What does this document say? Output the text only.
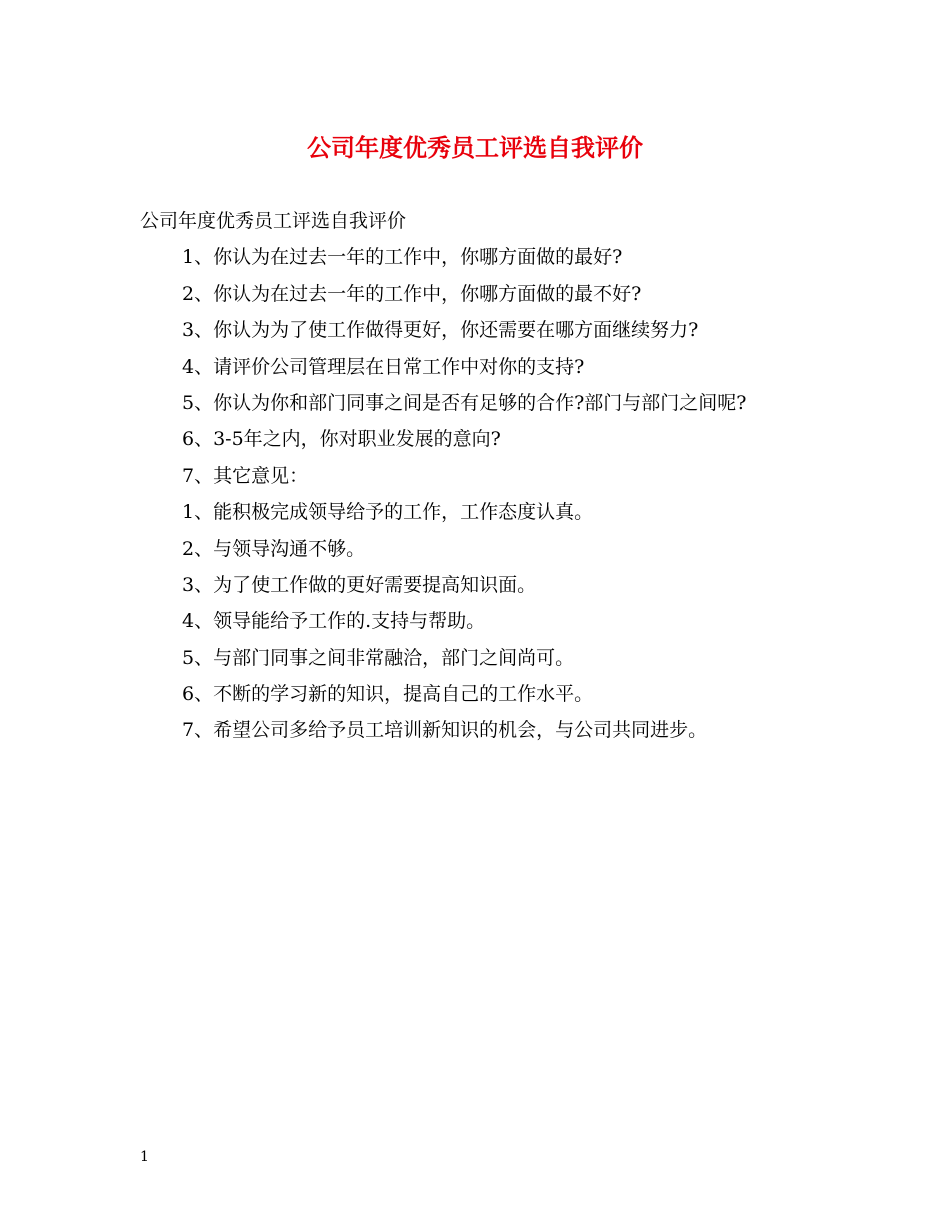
公司年度优秀员工评选自我评价

公司年度优秀员工评选自我评价

1、你认为在过去一年的工作中，你哪方面做的最好?

2、你认为在过去一年的工作中，你哪方面做的最不好?

3、你认为为了使工作做得更好，你还需要在哪方面继续努力?

4、请评价公司管理层在日常工作中对你的支持?

5、你认为你和部门同事之间是否有足够的合作?部门与部门之间呢?

6、3-5年之内，你对职业发展的意向?

7、其它意见：

1、能积极完成领导给予的工作，工作态度认真。

2、与领导沟通不够。

3、为了使工作做的更好需要提高知识面。

4、领导能给予工作的.支持与帮助。

5、与部门同事之间非常融洽，部门之间尚可。

6、不断的学习新的知识，提高自己的工作水平。

7、希望公司多给予员工培训新知识的机会，与公司共同进步。

1
